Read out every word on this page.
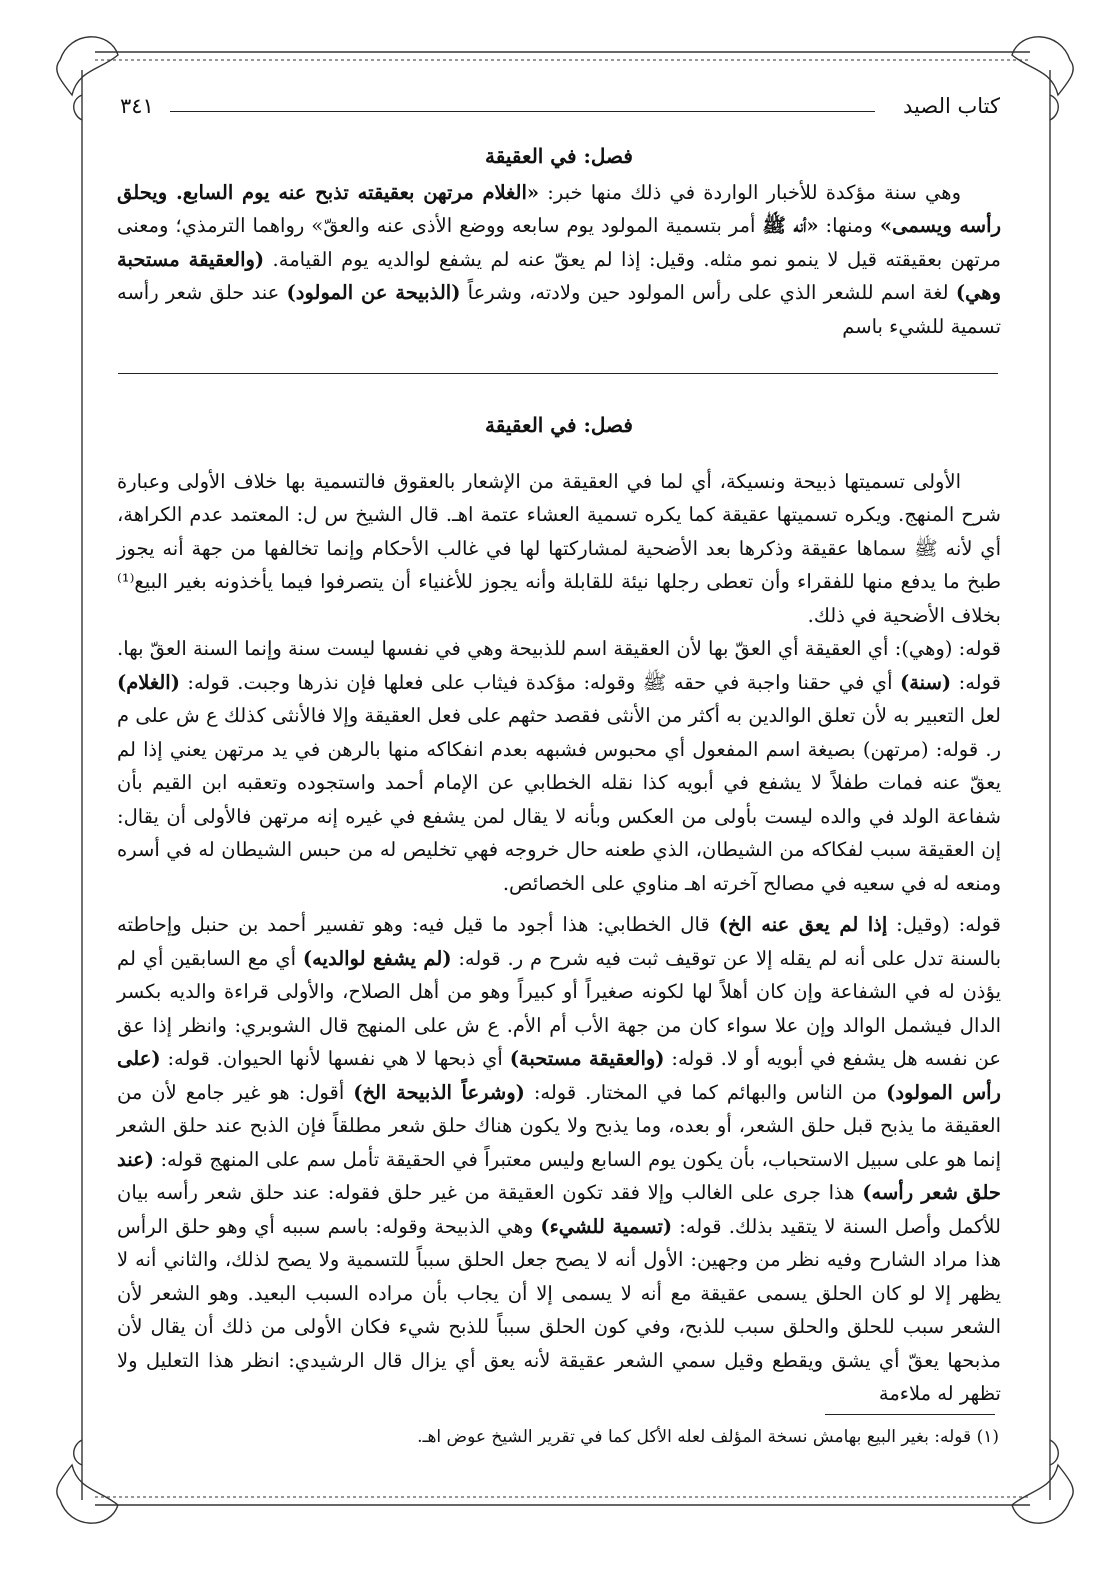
كتاب الصيد
٣٤١
فصل: في العقيقة

وهي سنة مؤكدة للأخبار الواردة في ذلك منها خبر: «الغلام مرتهن بعقيقته تذبح عنه يوم السابع. ويحلق رأسه ويسمى» ومنها: «أنه ﷺ أمر بتسمية المولود يوم سابعه ووضع الأذى عنه والعقّ» رواهما الترمذي؛ ومعنى مرتهن بعقيقته قيل لا ينمو نمو مثله. وقيل: إذا لم يعقّ عنه لم يشفع لوالديه يوم القيامة. (والعقيقة مستحبة وهي) لغة اسم للشعر الذي على رأس المولود حين ولادته، وشرعاً (الذبيحة عن المولود) عند حلق شعر رأسه تسمية للشيء باسم

فصل: في العقيقة

الأولى تسميتها ذبيحة ونسيكة، أي لما في العقيقة من الإشعار بالعقوق فالتسمية بها خلاف الأولى وعبارة شرح المنهج. ويكره تسميتها عقيقة كما يكره تسمية العشاء عتمة اهـ. قال الشيخ س ل: المعتمد عدم الكراهة، أي لأنه ﷺ سماها عقيقة وذكرها بعد الأضحية لمشاركتها لها في غالب الأحكام وإنما تخالفها من جهة أنه يجوز طبخ ما يدفع منها للفقراء وأن تعطى رجلها نيئة للقابلة وأنه يجوز للأغنياء أن يتصرفوا فيما يأخذونه بغير البيع⁽¹⁾ بخلاف الأضحية في ذلك.

قوله: (وهي): أي العقيقة أي العقّ بها لأن العقيقة اسم للذبيحة وهي في نفسها ليست سنة وإنما السنة العقّ بها. قوله: (سنة) أي في حقنا واجبة في حقه ﷺ وقوله: مؤكدة فيثاب على فعلها فإن نذرها وجبت. قوله: (الغلام) لعل التعبير به لأن تعلق الوالدين به أكثر من الأنثى فقصد حثهم على فعل العقيقة وإلا فالأنثى كذلك ع ش على م ر. قوله: (مرتهن) بصيغة اسم المفعول أي محبوس فشبهه بعدم انفكاكه منها بالرهن في يد مرتهن يعني إذا لم يعقّ عنه فمات طفلاً لا يشفع في أبويه كذا نقله الخطابي عن الإمام أحمد واستجوده وتعقبه ابن القيم بأن شفاعة الولد في والده ليست بأولى من العكس وبأنه لا يقال لمن يشفع في غيره إنه مرتهن فالأولى أن يقال: إن العقيقة سبب لفكاكه من الشيطان، الذي طعنه حال خروجه فهي تخليص له من حبس الشيطان له في أسره ومنعه له في سعيه في مصالح آخرته اهـ مناوي على الخصائص.

قوله: (وقيل: إذا لم يعق عنه الخ) قال الخطابي: هذا أجود ما قيل فيه: وهو تفسير أحمد بن حنبل وإحاطته بالسنة تدل على أنه لم يقله إلا عن توقيف ثبت فيه شرح م ر. قوله: (لم يشفع لوالديه) أي مع السابقين أي لم يؤذن له في الشفاعة وإن كان أهلاً لها لكونه صغيراً أو كبيراً وهو من أهل الصلاح، والأولى قراءة والديه بكسر الدال فيشمل الوالد وإن علا سواء كان من جهة الأب أم الأم. ع ش على المنهج قال الشوبري: وانظر إذا عق عن نفسه هل يشفع في أبويه أو لا. قوله: (والعقيقة مستحبة) أي ذبحها لا هي نفسها لأنها الحيوان. قوله: (على رأس المولود) من الناس والبهائم كما في المختار. قوله: (وشرعاً الذبيحة الخ) أقول: هو غير جامع لأن من العقيقة ما يذبح قبل حلق الشعر، أو بعده، وما يذبح ولا يكون هناك حلق شعر مطلقاً فإن الذبح عند حلق الشعر إنما هو على سبيل الاستحباب، بأن يكون يوم السابع وليس معتبراً في الحقيقة تأمل سم على المنهج قوله: (عند حلق شعر رأسه) هذا جرى على الغالب وإلا فقد تكون العقيقة من غير حلق فقوله: عند حلق شعر رأسه بيان للأكمل وأصل السنة لا يتقيد بذلك. قوله: (تسمية للشيء) وهي الذبيحة وقوله: باسم سببه أي وهو حلق الرأس هذا مراد الشارح وفيه نظر من وجهين: الأول أنه لا يصح جعل الحلق سبباً للتسمية ولا يصح لذلك، والثاني أنه لا يظهر إلا لو كان الحلق يسمى عقيقة مع أنه لا يسمى إلا أن يجاب بأن مراده السبب البعيد. وهو الشعر لأن الشعر سبب للحلق والحلق سبب للذبح، وفي كون الحلق سبباً للذبح شيء فكان الأولى من ذلك أن يقال لأن مذبحها يعقّ أي يشق ويقطع وقيل سمي الشعر عقيقة لأنه يعق أي يزال قال الرشيدي: انظر هذا التعليل ولا تظهر له ملاءمة

(١) قوله: بغير البيع بهامش نسخة المؤلف لعله الأكل كما في تقرير الشيخ عوض اهـ.
